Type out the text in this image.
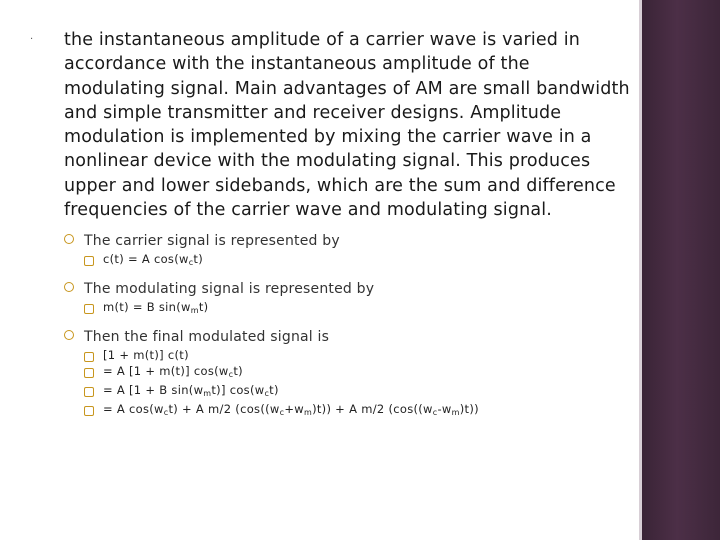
· the instantaneous amplitude of a carrier wave is varied in accordance with the instantaneous amplitude of the modulating signal. Main advantages of AM are small bandwidth and simple transmitter and receiver designs. Amplitude modulation is implemented by mixing the carrier wave in a nonlinear device with the modulating signal. This produces upper and lower sidebands, which are the sum and difference frequencies of the carrier wave and modulating signal.
The carrier signal is represented by
c(t) = A $\cos(w_ct)$
The modulating signal is represented by
m(t) = B $\sin(w_mt)$
Then the final modulated signal is
[1 + m(t)] c(t)
= A [1 + m(t)] $\cos(w_ct)$
= A [1 + B $\sin(w_mt)$] $\cos(w_ct)$
= A $\cos(w_ct) + A$ m/2 $(\cos((w_c+w_m)t)) + A$ m/2 $(\cos((w_c-w_m)t))$
